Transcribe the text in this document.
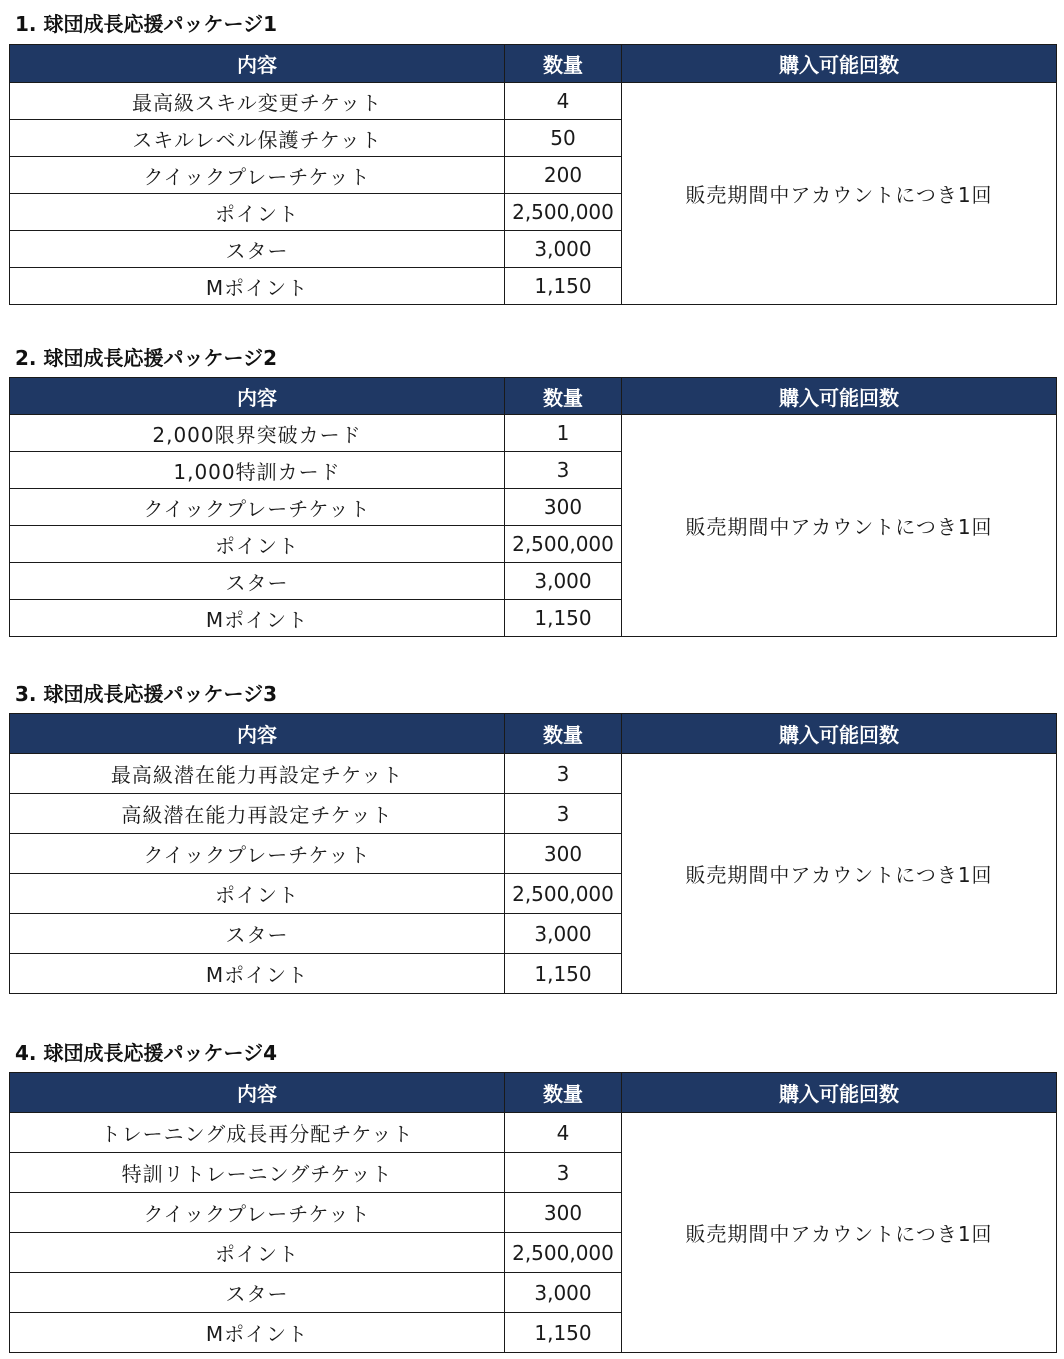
1. 球団成長応援パッケージ1
内容	数量	購入可能回数
最高級スキル変更チケット	4	販売期間中アカウントにつき1回
スキルレベル保護チケット	50	
クイックプレーチケット	200	
ポイント	2,500,000	
スター	3,000	
Mポイント	1,150	
2. 球団成長応援パッケージ2
内容	数量	購入可能回数
2,000限界突破カード	1	販売期間中アカウントにつき1回
1,000特訓カード	3	
クイックプレーチケット	300	
ポイント	2,500,000	
スター	3,000	
Mポイント	1,150	
3. 球団成長応援パッケージ3
内容	数量	購入可能回数
最高級潜在能力再設定チケット	3	販売期間中アカウントにつき1回
高級潜在能力再設定チケット	3	
クイックプレーチケット	300	
ポイント	2,500,000	
スター	3,000	
Mポイント	1,150	
4. 球団成長応援パッケージ4
内容	数量	購入可能回数
トレーニング成長再分配チケット	4	販売期間中アカウントにつき1回
特訓リトレーニングチケット	3	
クイックプレーチケット	300	
ポイント	2,500,000	
スター	3,000	
Mポイント	1,150	
